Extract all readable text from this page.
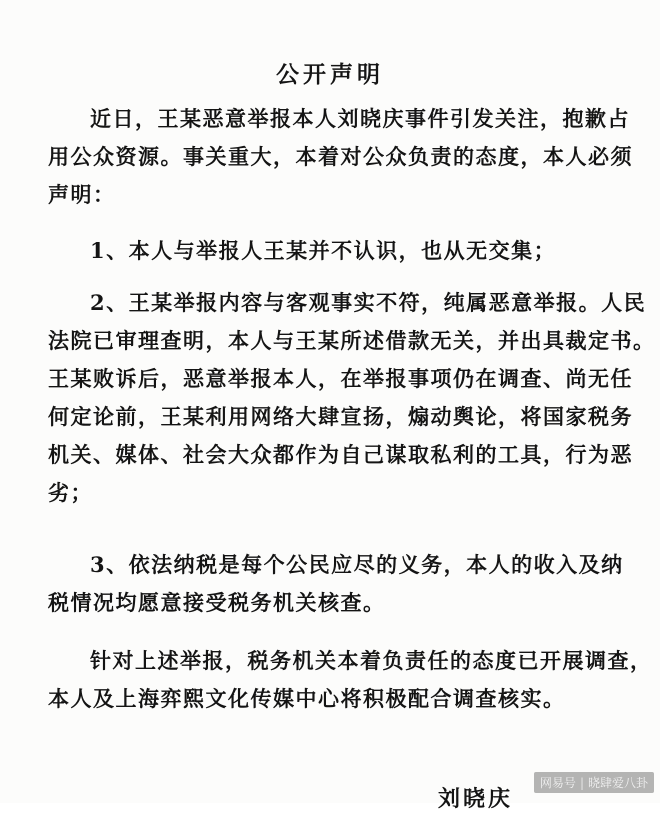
公开声明

近日，王某恶意举报本人刘晓庆事件引发关注，抱歉占
用公众资源。事关重大，本着对公众负责的态度，本人必须
声明：

1、本人与举报人王某并不认识，也从无交集；

2、王某举报内容与客观事实不符，纯属恶意举报。人民
法院已审理查明，本人与王某所述借款无关，并出具裁定书。
王某败诉后，恶意举报本人，在举报事项仍在调查、尚无任
何定论前，王某利用网络大肆宣扬，煽动舆论，将国家税务
机关、媒体、社会大众都作为自己谋取私利的工具，行为恶
劣；

3、依法纳税是每个公民应尽的义务，本人的收入及纳
税情况均愿意接受税务机关核查。

针对上述举报，税务机关本着负责任的态度已开展调查，
本人及上海弈熙文化传媒中心将积极配合调查核实。

刘晓庆
网易号 | 晓肆爱八卦
